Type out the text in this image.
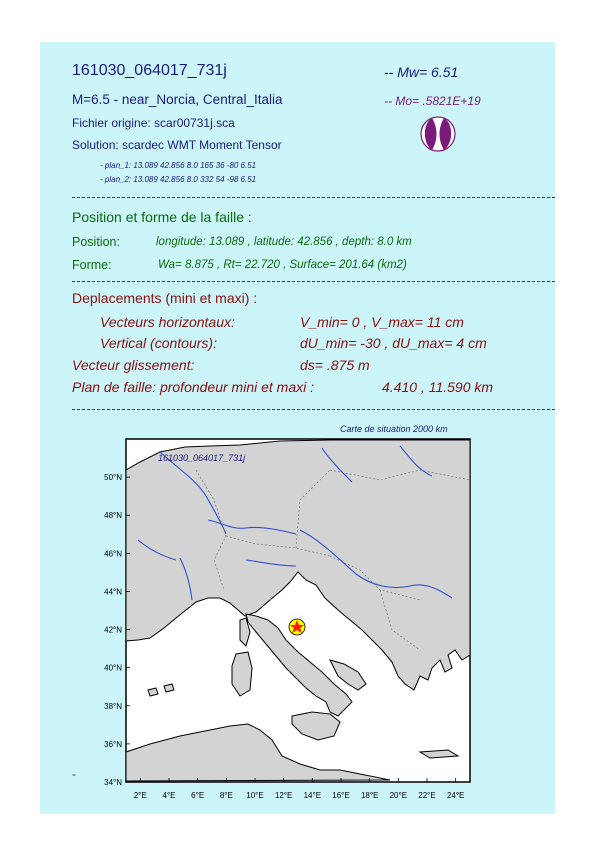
161030_064017_731j	-- Mw= 6.51
M=6.5 - near_Norcia, Central_Italia	-- Mo= .5821E+19
Fichier origine: scar00731j.sca
Solution: scardec WMT Moment Tensor
- plan_1: 13.089 42.856 8.0 165 36 -80 6.51
- plan_2: 13.089 42.856 8.0 332 54 -98 6.51
Position et forme de la faille :
Position:	longitude: 13.089 , latitude: 42.856 , depth: 8.0 km
Forme:	Wa= 8.875 , Rt= 22.720 , Surface= 201.64 (km2)
Deplacements (mini et maxi) :
Vecteurs horizontaux:	V_min= 0 , V_max= 11 cm
Vertical (contours):	dU_min= -30 , dU_max= 4 cm
Vecteur glissement:	ds= .875 m
Plan de faille: profondeur mini et maxi :	4.410 , 11.590 km
Carte de situation 2000 km
161030_064017_731j
50°N
48°N
46°N
44°N
42°N
40°N
38°N
36°N
34°N
2°E 4°E 6°E 8°E 10°E 12°E 14°E 16°E 18°E 20°E 22°E 24°E
-
